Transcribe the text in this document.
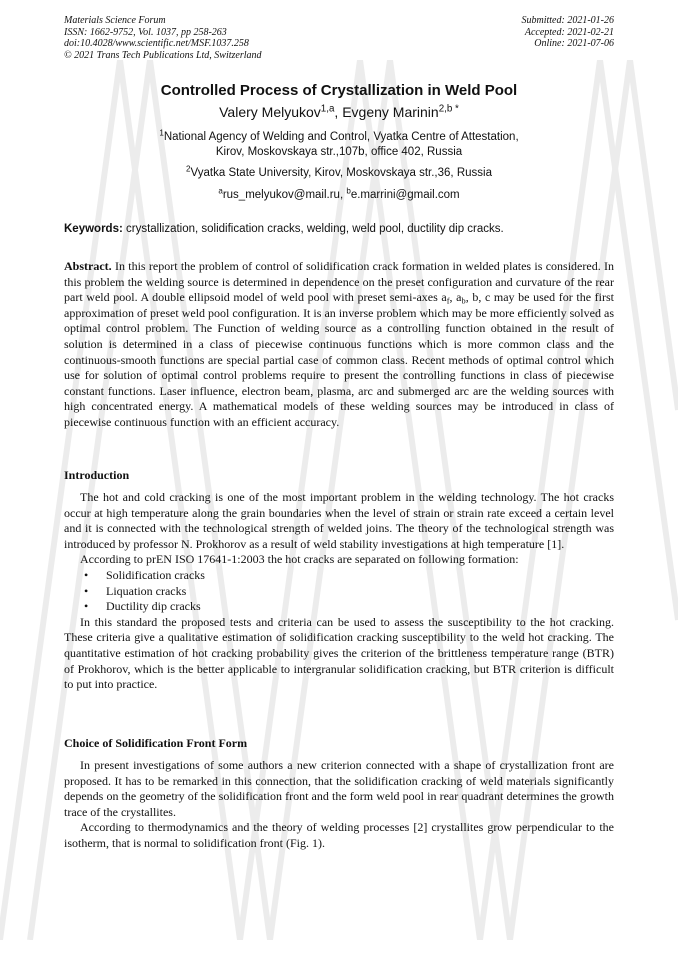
Materials Science Forum
ISSN: 1662-9752, Vol. 1037, pp 258-263
doi:10.4028/www.scientific.net/MSF.1037.258
© 2021 Trans Tech Publications Ltd, Switzerland
Submitted: 2021-01-26
Accepted: 2021-02-21
Online: 2021-07-06
Controlled Process of Crystallization in Weld Pool
Valery Melyukov$^{1,a}$, Evgeny Marinin$^{2,b *}$
$^1$National Agency of Welding and Control, Vyatka Centre of Attestation,
Kirov, Moskovskaya str.,107b, office 402, Russia
$^2$Vyatka State University, Kirov, Moskovskaya str.,36, Russia
$^a$rus_melyukov@mail.ru, $^b$e.marrini@gmail.com
Keywords: crystallization, solidification cracks, welding, weld pool, ductility dip cracks.
Abstract. In this report the problem of control of solidification crack formation in welded plates is considered. In this problem the welding source is determined in dependence on the preset configuration and curvature of the rear part weld pool. A double ellipsoid model of weld pool with preset semi-axes $a_f$, $a_b$, b, c may be used for the first approximation of preset weld pool configuration. It is an inverse problem which may be more efficiently solved as optimal control problem. The Function of welding source as a controlling function obtained in the result of solution is determined in a class of piecewise continuous functions which is more common class and the continuous-smooth functions are special partial case of common class. Recent methods of optimal control which use for solution of optimal control problems require to present the controlling functions in class of piecewise constant functions. Laser influence, electron beam, plasma, arc and submerged arc are the welding sources with high concentrated energy. A mathematical models of these welding sources may be introduced in class of piecewise continuous function with an efficient accuracy.
Introduction

The hot and cold cracking is one of the most important problem in the welding technology. The hot cracks occur at high temperature along the grain boundaries when the level of strain or strain rate exceed a certain level and it is connected with the technological strength of welded joins. The theory of the technological strength was introduced by professor N. Prokhorov as a result of weld stability investigations at high temperature [1].

According to prEN ISO 17641-1:2003 the hot cracks are separated on following formation:

• Solidification cracks
• Liquation cracks
• Ductility dip cracks

In this standard the proposed tests and criteria can be used to assess the susceptibility to the hot cracking. These criteria give a qualitative estimation of solidification cracking susceptibility to the weld hot cracking. The quantitative estimation of hot cracking probability gives the criterion of the brittleness temperature range (BTR) of Prokhorov, which is the better applicable to intergranular solidification cracking, but BTR criterion is difficult to put into practice.

Choice of Solidification Front Form

In present investigations of some authors a new criterion connected with a shape of crystallization front are proposed. It has to be remarked in this connection, that the solidification cracking of weld materials significantly depends on the geometry of the solidification front and the form weld pool in rear quadrant determines the growth trace of the crystallites.

According to thermodynamics and the theory of welding processes [2] crystallites grow perpendicular to the isotherm, that is normal to solidification front (Fig. 1).
